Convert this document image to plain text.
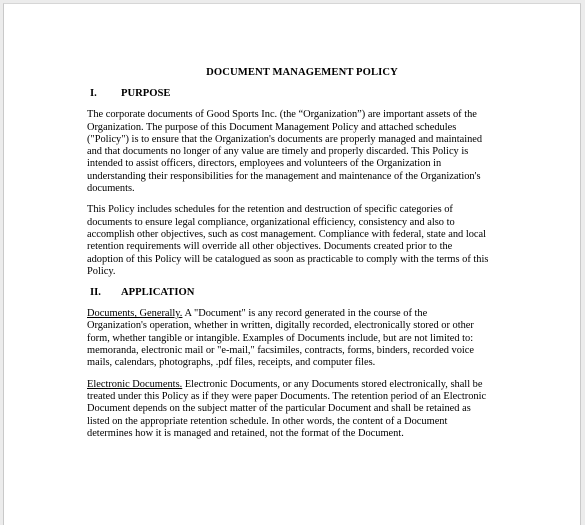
DOCUMENT MANAGEMENT POLICY
I. PURPOSE
The corporate documents of Good Sports Inc. (the “Organization”) are important assets of the
Organization. The purpose of this Document Management Policy and attached schedules
("Policy") is to ensure that the Organization's documents are properly managed and maintained
and that documents no longer of any value are timely and properly discarded. This Policy is
intended to assist officers, directors, employees and volunteers of the Organization in
understanding their responsibilities for the management and maintenance of the Organization's
documents.
This Policy includes schedules for the retention and destruction of specific categories of
documents to ensure legal compliance, organizational efficiency, consistency and also to
accomplish other objectives, such as cost management. Compliance with federal, state and local
retention requirements will override all other objectives. Documents created prior to the
adoption of this Policy will be catalogued as soon as practicable to comply with the terms of this
Policy.
II. APPLICATION
Documents, Generally. A "Document" is any record generated in the course of the
Organization's operation, whether in written, digitally recorded, electronically stored or other
form, whether tangible or intangible. Examples of Documents include, but are not limited to:
memoranda, electronic mail or "e-mail," facsimiles, contracts, forms, binders, recorded voice
mails, calendars, photographs, .pdf files, receipts, and computer files.
Electronic Documents. Electronic Documents, or any Documents stored electronically, shall be
treated under this Policy as if they were paper Documents. The retention period of an Electronic
Document depends on the subject matter of the particular Document and shall be retained as
listed on the appropriate retention schedule. In other words, the content of a Document
determines how it is managed and retained, not the format of the Document.
